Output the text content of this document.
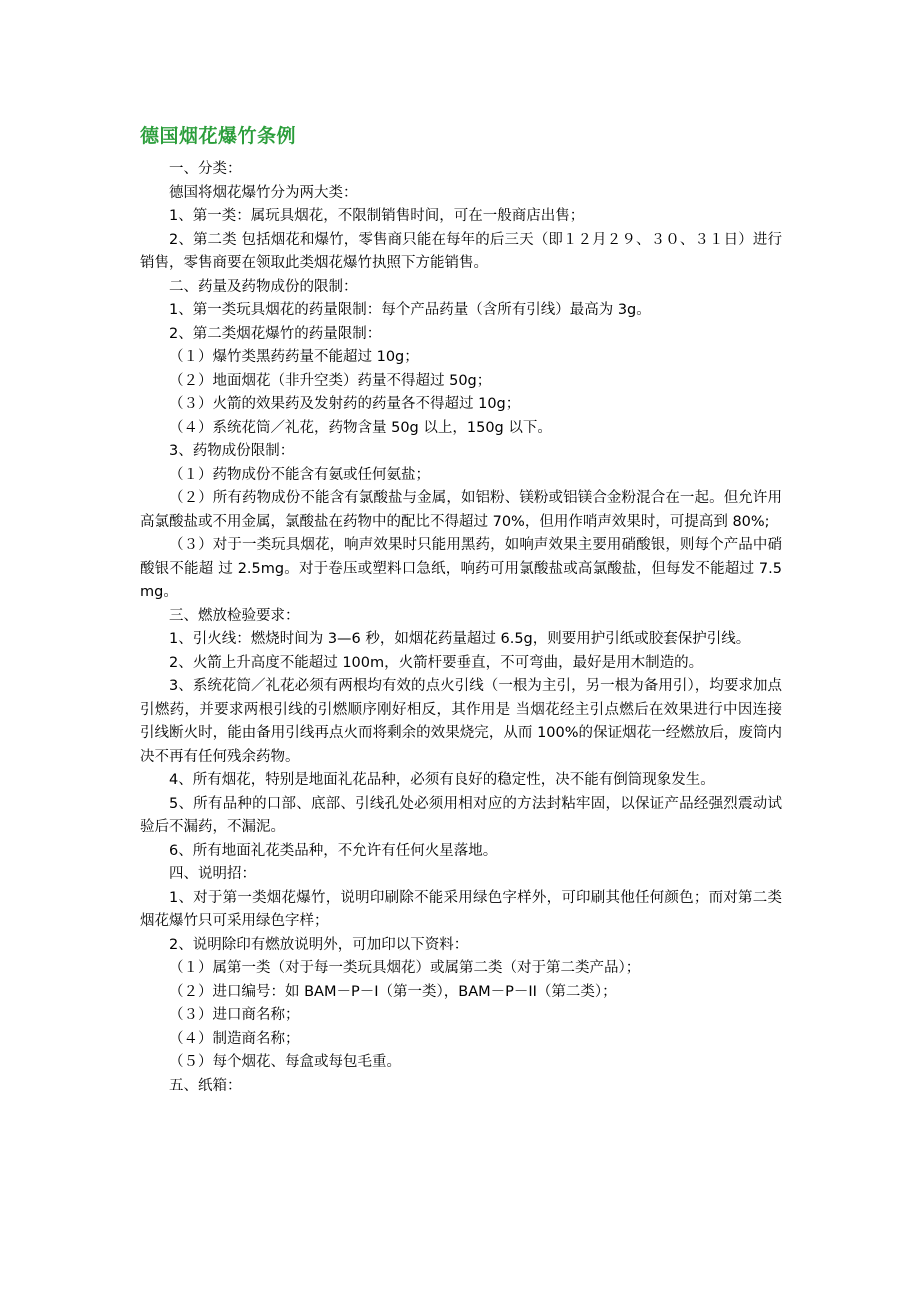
德国烟花爆竹条例

一、分类：

德国将烟花爆竹分为两大类：

1、第一类：属玩具烟花，不限制销售时间，可在一般商店出售；

2、第二类 包括烟花和爆竹，零售商只能在每年的后三天（即１２月２９、３０、３１日）进行销售，零售商要在领取此类烟花爆竹执照下方能销售。

二、药量及药物成份的限制：

1、第一类玩具烟花的药量限制：每个产品药量（含所有引线）最高为 3g。

2、第二类烟花爆竹的药量限制：

（１）爆竹类黑药药量不能超过 10g；

（２）地面烟花（非升空类）药量不得超过 50g；

（３）火箭的效果药及发射药的药量各不得超过 10g；

（４）系统花筒／礼花，药物含量 50g 以上，150g 以下。

3、药物成份限制：

（１）药物成份不能含有氨或任何氨盐；

（２）所有药物成份不能含有氯酸盐与金属，如铝粉、镁粉或铝镁合金粉混合在一起。但允许用高氯酸盐或不用金属，氯酸盐在药物中的配比不得超过 70%，但用作哨声效果时，可提高到 80%;

（３）对于一类玩具烟花，响声效果时只能用黑药，如响声效果主要用硝酸银，则每个产品中硝酸银不能超 过 2.5mg。对于卷压或塑料口急纸，响药可用氯酸盐或高氯酸盐，但每发不能超过 7.5mg。

三、燃放检验要求：

1、引火线：燃烧时间为 3—6 秒，如烟花药量超过 6.5g，则要用护引纸或胶套保护引线。

2、火箭上升高度不能超过 100m，火箭杆要垂直，不可弯曲，最好是用木制造的。

3、系统花筒／礼花必须有两根均有效的点火引线（一根为主引，另一根为备用引），均要求加点引燃药，并要求两根引线的引燃顺序刚好相反，其作用是 当烟花经主引点燃后在效果进行中因连接引线断火时，能由备用引线再点火而将剩余的效果烧完，从而 100%的保证烟花一经燃放后，废筒内决不再有任何残余药物。

4、所有烟花，特别是地面礼花品种，必须有良好的稳定性，决不能有倒筒现象发生。

5、所有品种的口部、底部、引线孔处必须用相对应的方法封粘牢固，以保证产品经强烈震动试验后不漏药，不漏泥。

6、所有地面礼花类品种，不允许有任何火星落地。

四、说明招：

1、对于第一类烟花爆竹，说明印刷除不能采用绿色字样外，可印刷其他任何颜色；而对第二类烟花爆竹只可采用绿色字样；

2、说明除印有燃放说明外，可加印以下资料：

（１）属第一类（对于每一类玩具烟花）或属第二类（对于第二类产品）；

（２）进口编号：如 BAM－P－I（第一类），BAM－P－II（第二类）；

（３）进口商名称；

（４）制造商名称；

（５）每个烟花、每盒或每包毛重。

五、纸箱：
